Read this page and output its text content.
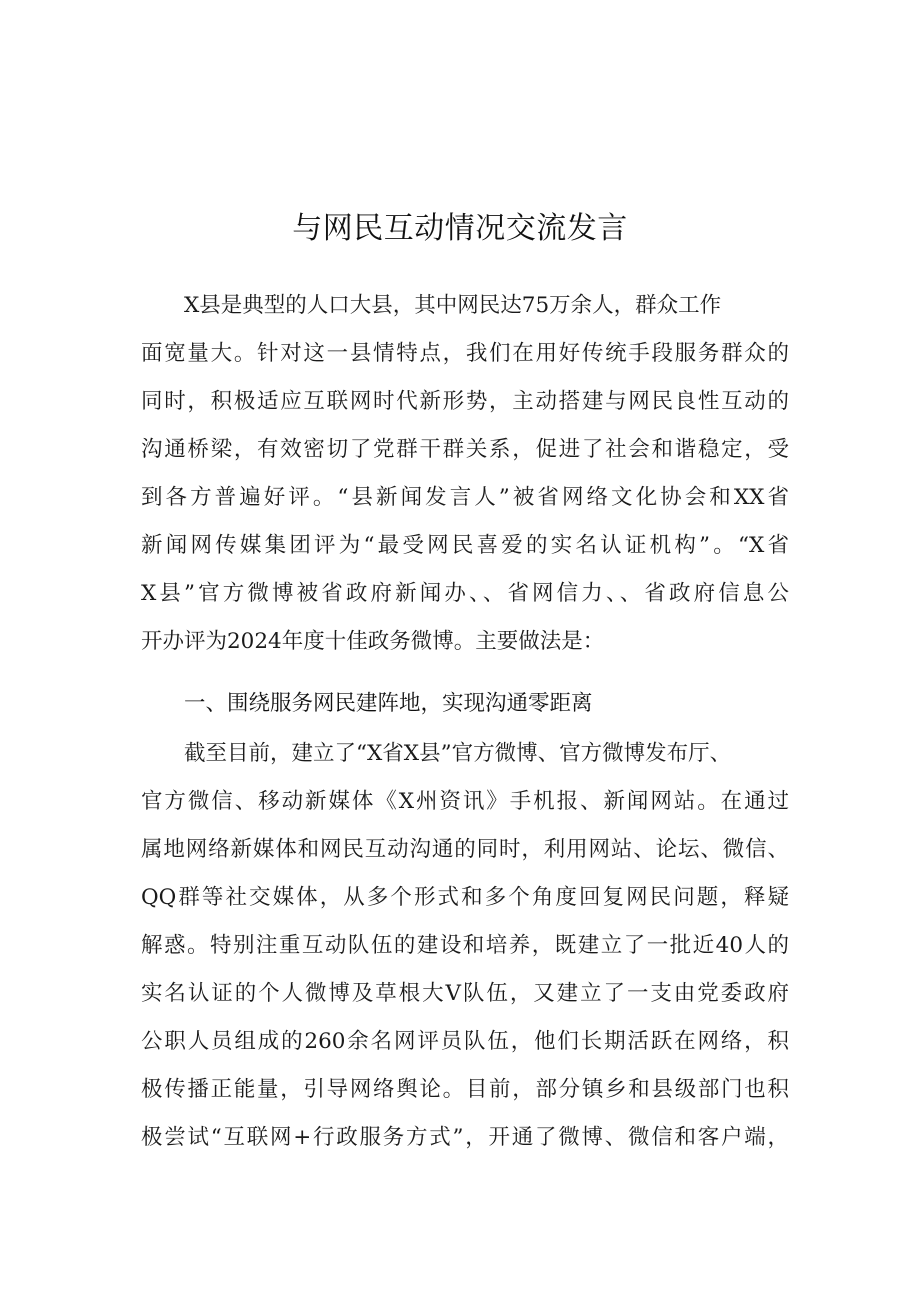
与网民互动情况交流发言
X县是典型的人口大县，其中网民达75万余人，群众工作
面宽量大。针对这一县情特点，我们在用好传统手段服务群众的
同时，积极适应互联网时代新形势，主动搭建与网民良性互动的
沟通桥梁，有效密切了党群干群关系，促进了社会和谐稳定，受
到各方普遍好评。“县新闻发言人”被省网络文化协会和XX省
新闻网传媒集团评为“最受网民喜爱的实名认证机构”。“X省
X县”官方微博被省政府新闻办、、省网信力、、省政府信息公
开办评为2024年度十佳政务微博。主要做法是：
一、围绕服务网民建阵地，实现沟通零距离
截至目前，建立了“X省X县”官方微博、官方微博发布厅、
官方微信、移动新媒体《X州资讯》手机报、新闻网站。在通过
属地网络新媒体和网民互动沟通的同时，利用网站、论坛、微信、
QQ群等社交媒体，从多个形式和多个角度回复网民问题，释疑
解惑。特别注重互动队伍的建设和培养，既建立了一批近40人的
实名认证的个人微博及草根大V队伍，又建立了一支由党委政府
公职人员组成的260余名网评员队伍，他们长期活跃在网络，积
极传播正能量，引导网络舆论。目前，部分镇乡和县级部门也积
极尝试“互联网+行政服务方式”，开通了微博、微信和客户端，
